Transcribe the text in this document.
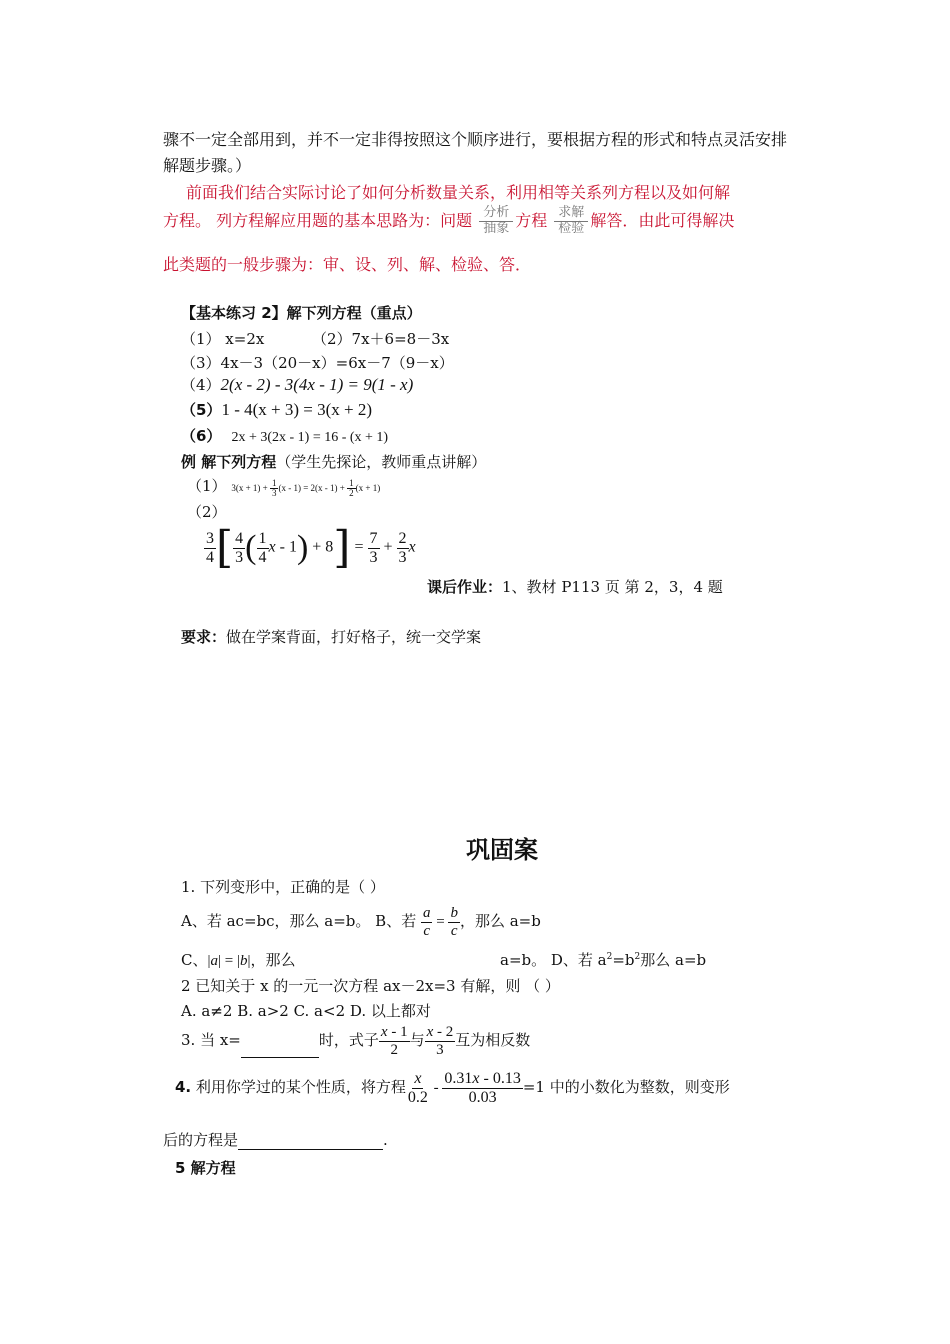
骤不一定全部用到，并不一定非得按照这个顺序进行，要根据方程的形式和特点灵活安排
解题步骤。）
前面我们结合实际讨论了如何分析数量关系，利用相等关系列方程以及如何解
方程。 列方程解应用题的基本思路为：问题 分析
抽象 方程 求解
检验 解答．由此可得解决
此类题的一般步骤为：审、设、列、解、检验、答．
【基本练习 2】解下列方程（重点）
（1） x=2x	（2）7x＋6=8－3x
（3）4x－3（20－x）=6x－7（9－x）
（4）2(x - 2) - 3(4x - 1) = 9(1 - x)
（5）1 - 4(x + 3) = 3(x + 2)
（6） 2x + 3(2x - 1) = 16 - (x + 1)
例 解下列方程（学生先探论，教师重点讲解）
（1） $3(x + 1) + \frac{1}{3} (x - 1) = 2(x - 1) + \frac{1}{2} (x + 1)$
（2）
$\frac{3}{4}$ [ $\frac{4}{3}$ ( $\frac{1}{4}$ $x - 1) + 8] = \frac{7}{3} + \frac{2}{3}$ x
课后作业：1、教材 P113 页 第 2，3，4 题
要求：做在学案背面，打好格子，统一交学案
巩固案
1. 下列变形中，正确的是（ ）
A、若 ac=bc，那么 a=b。 B、若 $\frac{a}{c} = \frac{b}{c}$ ，那么 a=b
C、|a| = |b|，那么	a=b。 D、若 $a^2=b^2$那么 a=b
2 已知关于 x 的一元一次方程 ax－2x=3 有解，则 （ ）
A. a≠2 B. a>2 C. a<2 D. 以上都对
3. 当 x=	时，式子 $\frac{x - 1}{2}$ 与 $\frac{x - 2}{3}$ 互为相反数
4. 利用你学过的某个性质，将方程 $\frac{x}{0.2} - \frac{0.31x - 0.13}{0.03} =1$ 中的小数化为整数，则变形
后的方程是	.
5 解方程
